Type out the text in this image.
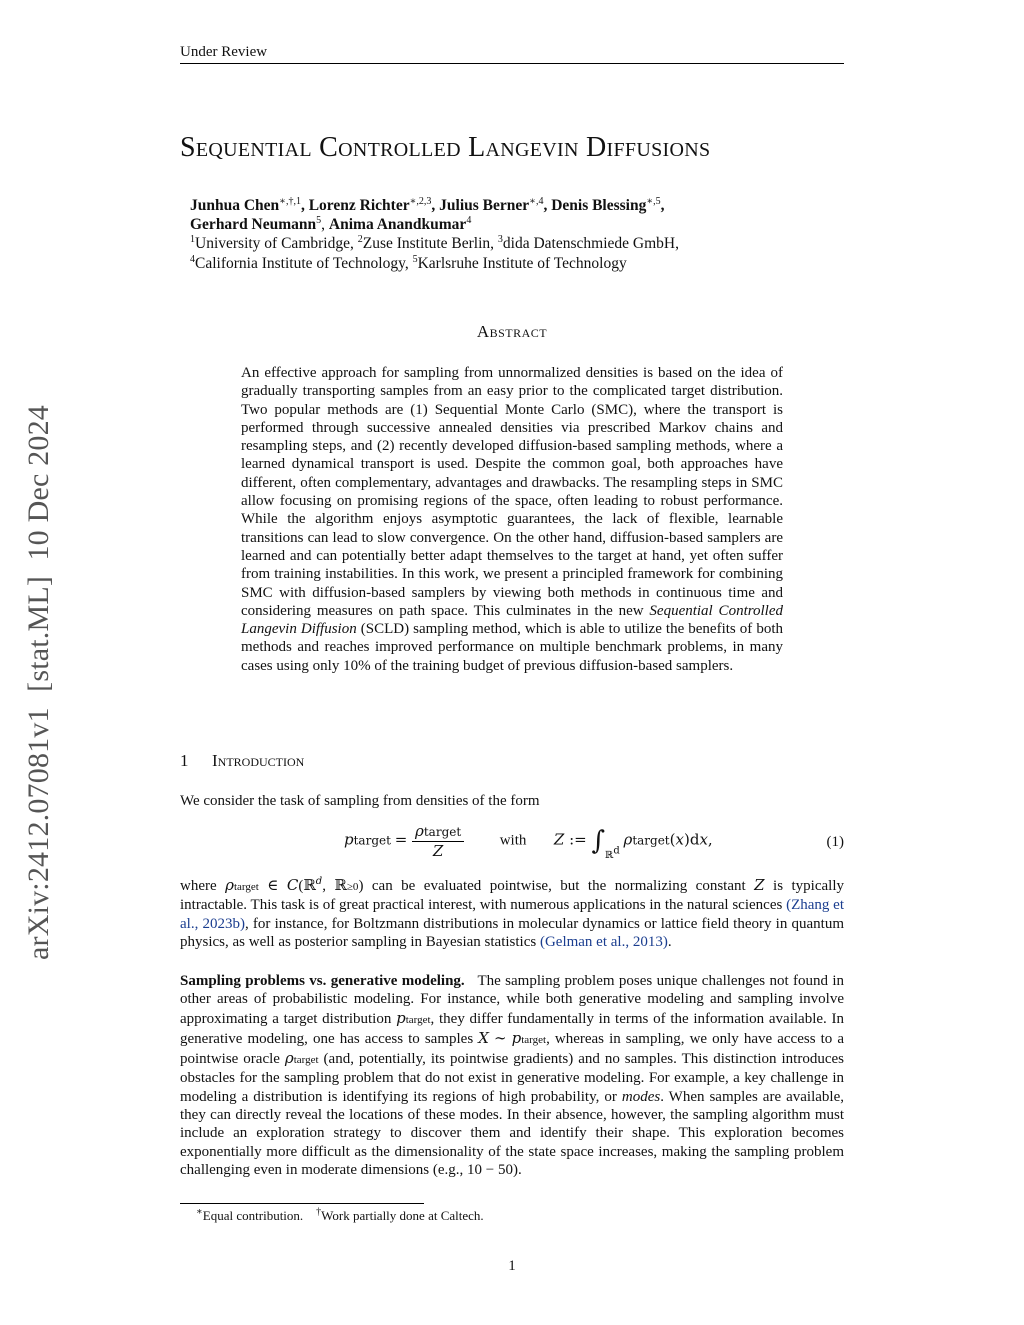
Under Review
arXiv:2412.07081v1  [stat.ML]  10 Dec 2024
Sequential Controlled Langevin Diffusions
Junhua Chen$^{∗,\dagger,1}$, Lorenz Richter$^{∗,2,3}$, Julius Berner$^{∗,4}$, Denis Blessing$^{∗,5}$,
Gerhard Neumann$^5$, Anima Anandkumar$^4$
$^1$University of Cambridge, $^2$Zuse Institute Berlin, $^3$dida Datenschmiede GmbH,
$^4$California Institute of Technology, $^5$Karlsruhe Institute of Technology
Abstract
An effective approach for sampling from unnormalized densities is based on the idea of gradually transporting samples from an easy prior to the complicated target distribution. Two popular methods are (1) Sequential Monte Carlo (SMC), where the transport is performed through successive annealed densities via prescribed Markov chains and resampling steps, and (2) recently developed diffusion-based sampling methods, where a learned dynamical transport is used. Despite the common goal, both approaches have different, often complementary, advantages and drawbacks. The resampling steps in SMC allow focusing on promising regions of the space, often leading to robust performance. While the algorithm enjoys asymptotic guarantees, the lack of flexible, learnable transitions can lead to slow convergence. On the other hand, diffusion-based samplers are learned and can potentially better adapt themselves to the target at hand, yet often suffer from training instabilities. In this work, we present a principled framework for combining SMC with diffusion-based samplers by viewing both methods in continuous time and considering measures on path space. This culminates in the new Sequential Controlled Langevin Diffusion (SCLD) sampling method, which is able to utilize the benefits of both methods and reaches improved performance on multiple benchmark problems, in many cases using only 10% of the training budget of previous diffusion-based samplers.
1 Introduction
We consider the task of sampling from densities of the form
ptarget = $\frac{\text{ρtarget}}{Z}$ with Z := $\int_{ℝ^d}$ ρtarget(x)dx,	(1)
where ρtarget ∈ C(ℝ$^d$, ℝ≥0) can be evaluated pointwise, but the normalizing constant Z is typically intractable. This task is of great practical interest, with numerous applications in the natural sciences (Zhang et al., 2023b), for instance, for Boltzmann distributions in molecular dynamics or lattice field theory in quantum physics, as well as posterior sampling in Bayesian statistics (Gelman et al., 2013).
Sampling problems vs. generative modeling.   The sampling problem poses unique challenges not found in other areas of probabilistic modeling. For instance, while both generative modeling and sampling involve approximating a target distribution ptarget, they differ fundamentally in terms of the information available. In generative modeling, one has access to samples X ∼ ptarget, whereas in sampling, we only have access to a pointwise oracle ρtarget (and, potentially, its pointwise gradients) and no samples. This distinction introduces obstacles for the sampling problem that do not exist in generative modeling. For example, a key challenge in modeling a distribution is identifying its regions of high probability, or modes. When samples are available, they can directly reveal the locations of these modes. In their absence, however, the sampling algorithm must include an exploration strategy to discover them and identify their shape. This exploration becomes exponentially more difficult as the dimensionality of the state space increases, making the sampling problem challenging even in moderate dimensions (e.g., 10 − 50).
∗Equal contribution.    †Work partially done at Caltech.
1
